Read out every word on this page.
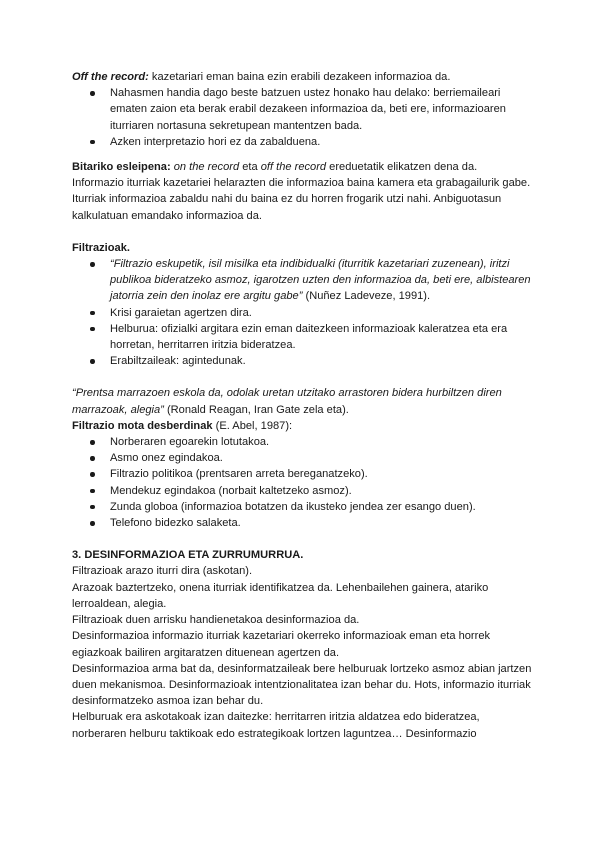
Off the record: kazetariari eman baina ezin erabili dezakeen informazioa da.

Nahasmen handia dago beste batzuen ustez honako hau delako: berriemaileari ematen zaion eta berak erabil dezakeen informazioa da, beti ere, informazioaren iturriaren nortasuna sekretupean mantentzen bada.
Azken interpretazio hori ez da zabalduena.

Bitariko esleipena: on the record eta off the record ereduetatik elikatzen dena da. Informazio iturriak kazetariei helarazten die informazioa baina kamera eta grabagailurik gabe. Iturriak informazioa zabaldu nahi du baina ez du horren frogarik utzi nahi. Anbiguotasun kalkulatuan emandako informazioa da.

Filtrazioak.

“Filtrazio eskupetik, isil misilka eta indibidualki (iturritik kazetariari zuzenean), iritzi publikoa bideratzeko asmoz, igarotzen uzten den informazioa da, beti ere, albistearen jatorria zein den inolaz ere argitu gabe” (Nuñez Ladeveze, 1991).
Krisi garaietan agertzen dira.
Helburua: ofizialki argitara ezin eman daitezkeen informazioak kaleratzea eta era horretan, herritarren iritzia bideratzea.
Erabiltzaileak: agintedunak.

“Prentsa marrazoen eskola da, odolak uretan utzitako arrastoren bidera hurbiltzen diren marrazoak, alegia” (Ronald Reagan, Iran Gate zela eta).

Filtrazio mota desberdinak (E. Abel, 1987):

Norberaren egoarekin lotutakoa.
Asmo onez egindakoa.
Filtrazio politikoa (prentsaren arreta bereganatzeko).
Mendekuz egindakoa (norbait kaltetzeko asmoz).
Zunda globoa (informazioa botatzen da ikusteko jendea zer esango duen).
Telefono bidezko salaketa.

3. DESINFORMAZIOA ETA ZURRUMURRUA.

Filtrazioak arazo iturri dira (askotan).

Arazoak baztertzeko, onena iturriak identifikatzea da. Lehenbailehen gainera, atariko lerroaldean, alegia.

Filtrazioak duen arrisku handienetakoa desinformazioa da.

Desinformazioa informazio iturriak kazetariari okerreko informazioak eman eta horrek egiazkoak bailiren argitaratzen dituenean agertzen da.

Desinformazioa arma bat da, desinformatzaileak bere helburuak lortzeko asmoz abian jartzen duen mekanismoa. Desinformazioak intentzionalitatea izan behar du. Hots, informazio iturriak desinformatzeko asmoa izan behar du.

Helburuak era askotakoak izan daitezke: herritarren iritzia aldatzea edo bideratzea, norberaren helburu taktikoak edo estrategikoak lortzen laguntzea… Desinformazio
